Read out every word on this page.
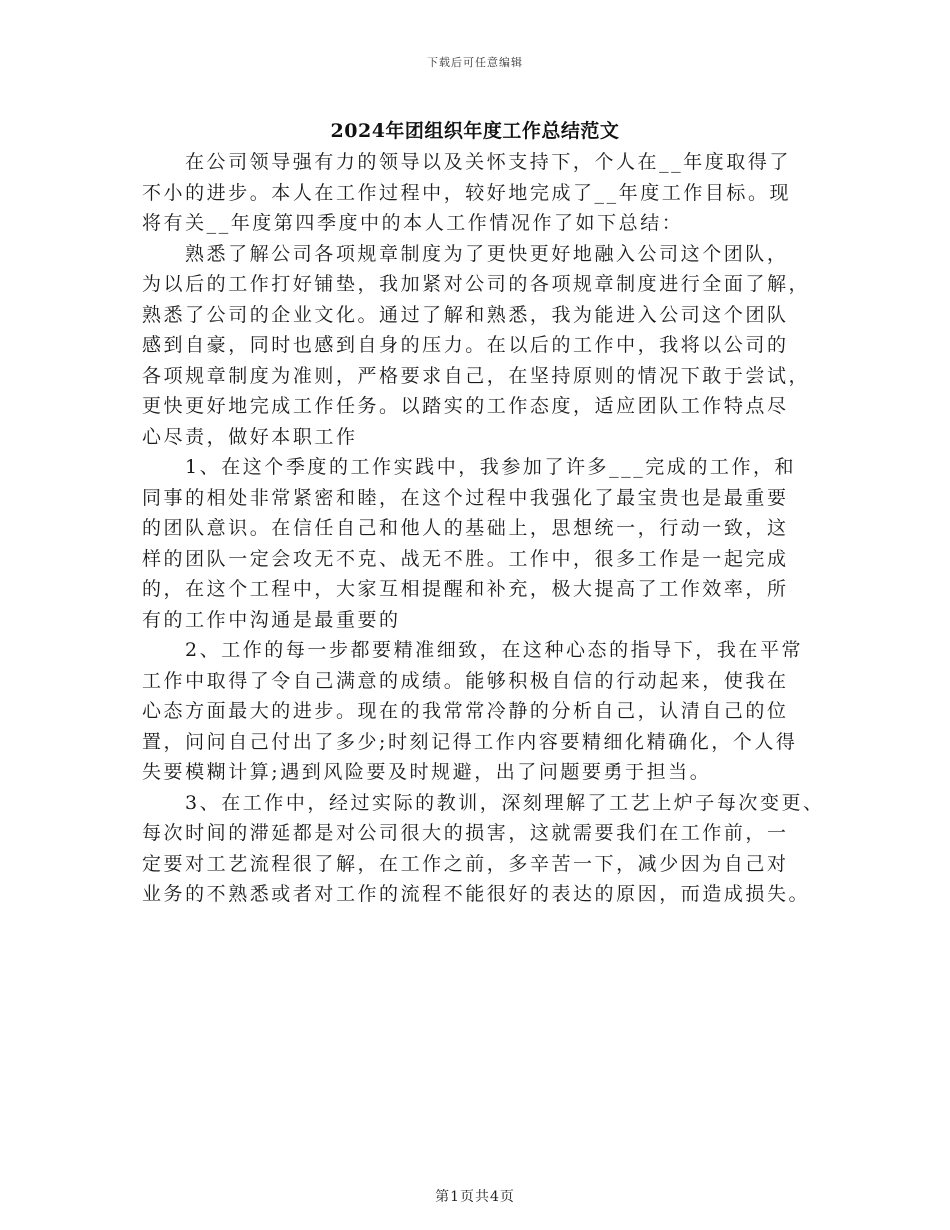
下载后可任意编辑
2024年团组织年度工作总结范文

在公司领导强有力的领导以及关怀支持下，个人在__年度取得了
不小的进步。本人在工作过程中，较好地完成了__年度工作目标。现
将有关__年度第四季度中的本人工作情况作了如下总结：

熟悉了解公司各项规章制度为了更快更好地融入公司这个团队，
为以后的工作打好铺垫，我加紧对公司的各项规章制度进行全面了解，
熟悉了公司的企业文化。通过了解和熟悉，我为能进入公司这个团队
感到自豪，同时也感到自身的压力。在以后的工作中，我将以公司的
各项规章制度为准则，严格要求自己，在坚持原则的情况下敢于尝试，
更快更好地完成工作任务。以踏实的工作态度，适应团队工作特点尽
心尽责，做好本职工作

1、在这个季度的工作实践中，我参加了许多___完成的工作，和
同事的相处非常紧密和睦，在这个过程中我强化了最宝贵也是最重要
的团队意识。在信任自己和他人的基础上，思想统一，行动一致，这
样的团队一定会攻无不克、战无不胜。工作中，很多工作是一起完成
的，在这个工程中，大家互相提醒和补充，极大提高了工作效率，所
有的工作中沟通是最重要的

2、工作的每一步都要精准细致，在这种心态的指导下，我在平常
工作中取得了令自己满意的成绩。能够积极自信的行动起来，使我在
心态方面最大的进步。现在的我常常冷静的分析自己，认清自己的位
置，问问自己付出了多少;时刻记得工作内容要精细化精确化，个人得
失要模糊计算;遇到风险要及时规避，出了问题要勇于担当。

3、在工作中，经过实际的教训，深刻理解了工艺上炉子每次变更、
每次时间的滞延都是对公司很大的损害，这就需要我们在工作前，一
定要对工艺流程很了解，在工作之前，多辛苦一下，减少因为自己对
业务的不熟悉或者对工作的流程不能很好的表达的原因，而造成损失。

第1页共4页
